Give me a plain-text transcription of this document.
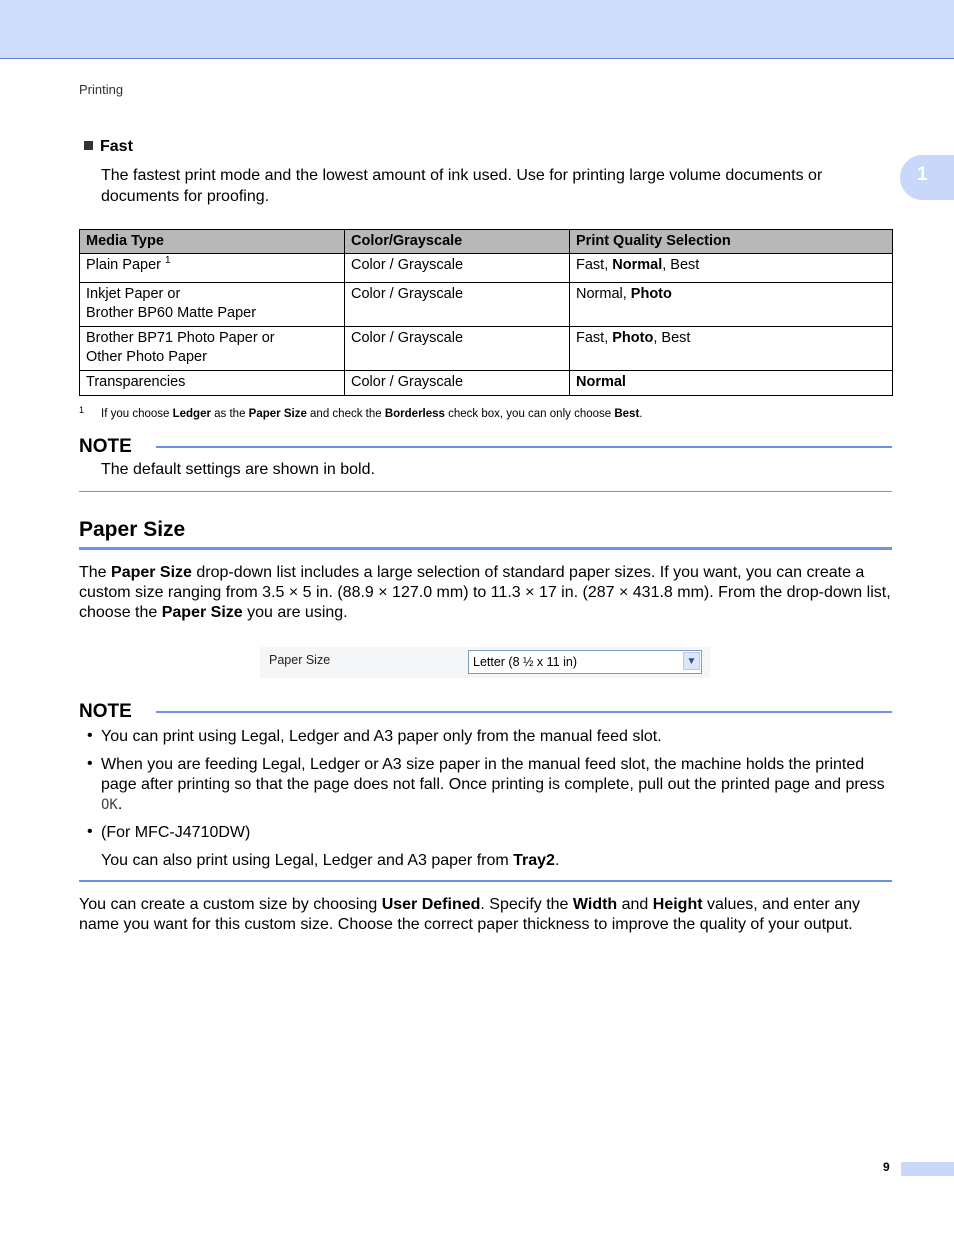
Printing
1
Fast
The fastest print mode and the lowest amount of ink used. Use for printing large volume documents or documents for proofing.
Media Type	Color/Grayscale	Print Quality Selection
Plain Paper $^1$	Color / Grayscale	Fast, Normal, Best
Inkjet Paper or
Brother BP60 Matte Paper	Color / Grayscale	Normal, Photo
Brother BP71 Photo Paper or
Other Photo Paper	Color / Grayscale	Fast, Photo, Best
Transparencies	Color / Grayscale	Normal
1 If you choose Ledger as the Paper Size and check the Borderless check box, you can only choose Best.
NOTE
The default settings are shown in bold.
Paper Size
The Paper Size drop-down list includes a large selection of standard paper sizes. If you want, you can create a custom size ranging from 3.5 × 5 in. (88.9 × 127.0 mm) to 11.3 × 17 in. (287 × 431.8 mm). From the drop-down list, choose the Paper Size you are using.
Paper Size	Letter (8 ½ x 11 in)	▼
NOTE
• You can print using Legal, Ledger and A3 paper only from the manual feed slot.
• When you are feeding Legal, Ledger or A3 size paper in the manual feed slot, the machine holds the printed page after printing so that the page does not fall. Once printing is complete, pull out the printed page and press OK.
• (For MFC-J4710DW)
You can also print using Legal, Ledger and A3 paper from Tray2.
You can create a custom size by choosing User Defined. Specify the Width and Height values, and enter any name you want for this custom size. Choose the correct paper thickness to improve the quality of your output.
9
